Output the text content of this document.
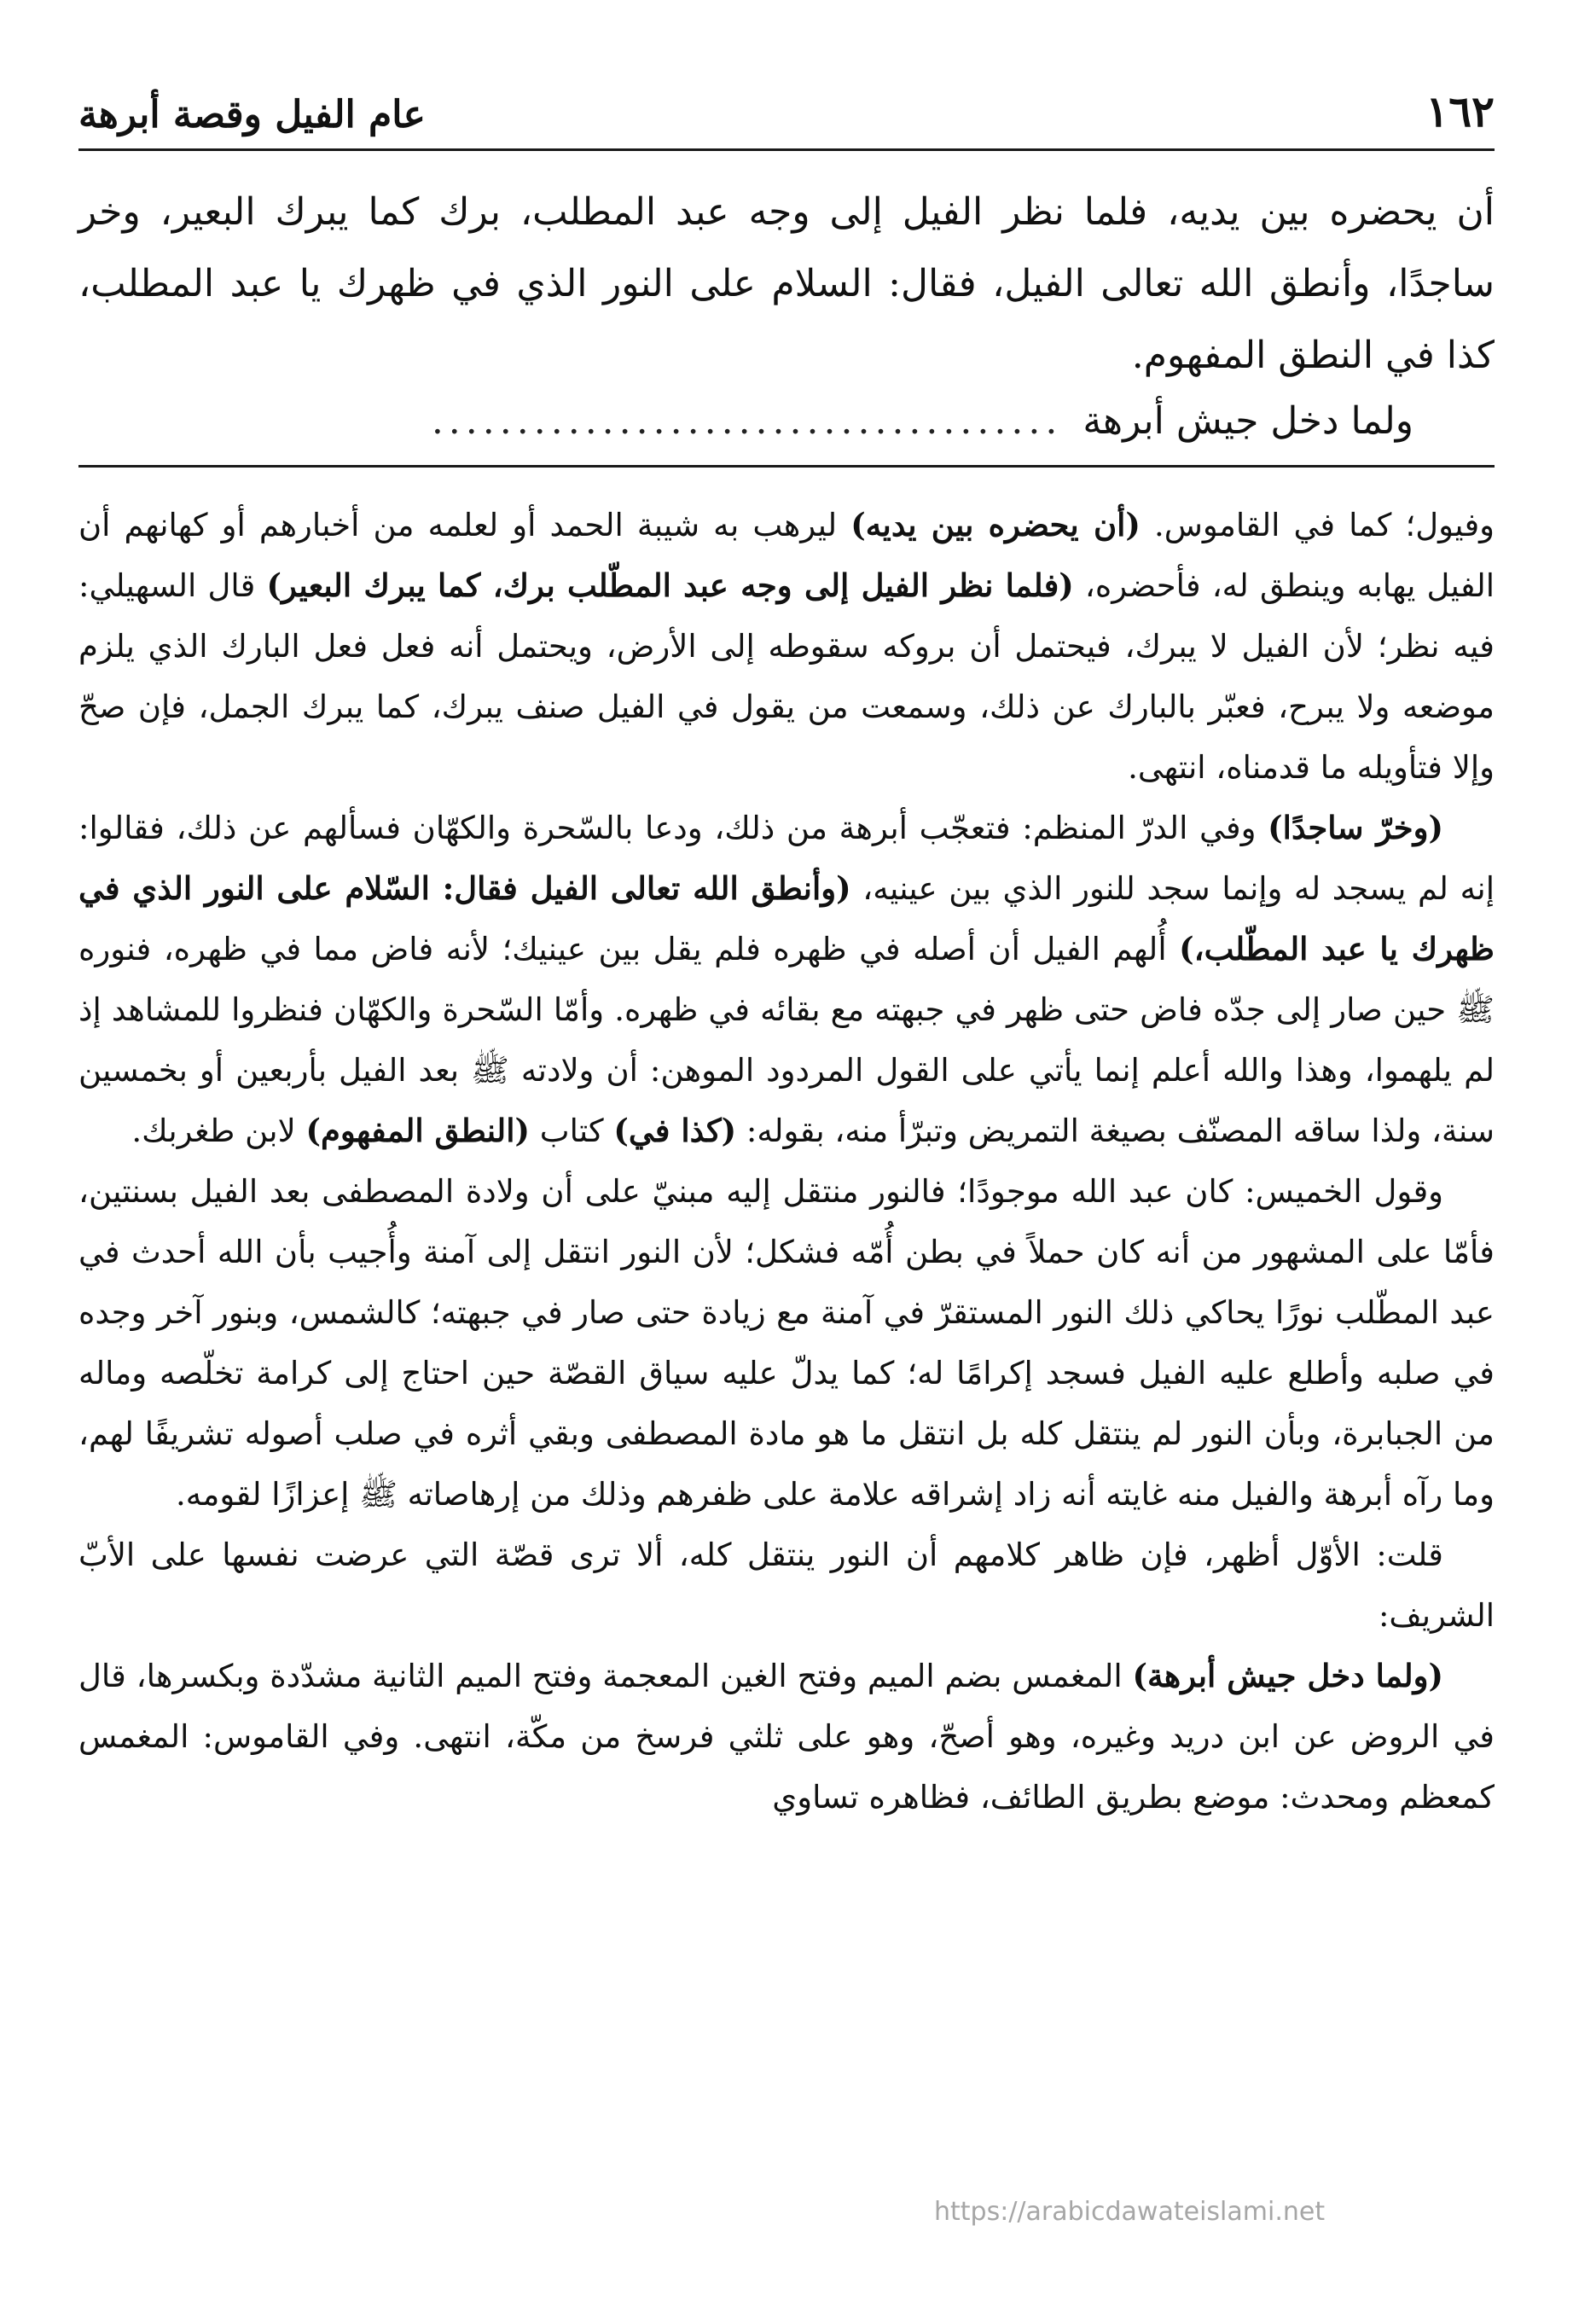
١٦٢
عام الفيل وقصة أبرهة

أن يحضره بين يديه، فلما نظر الفيل إلى وجه عبد المطلب، برك كما يبرك البعير، وخر ساجدًا، وأنطق الله تعالى الفيل، فقال: السلام على النور الذي في ظهرك يا عبد المطلب، كذا في النطق المفهوم.

ولما دخل جيش أبرهة
.....................................

وفيول؛ كما في القاموس. (أن يحضره بين يديه) ليرهب به شيبة الحمد أو لعلمه من أخبارهم أو كهانهم أن الفيل يهابه وينطق له، فأحضره، (فلما نظر الفيل إلى وجه عبد المطّلب برك، كما يبرك البعير) قال السهيلي: فيه نظر؛ لأن الفيل لا يبرك، فيحتمل أن بروكه سقوطه إلى الأرض، ويحتمل أنه فعل فعل البارك الذي يلزم موضعه ولا يبرح، فعبّر بالبارك عن ذلك، وسمعت من يقول في الفيل صنف يبرك، كما يبرك الجمل، فإن صحّ وإلا فتأويله ما قدمناه، انتهى.

(وخرّ ساجدًا) وفي الدرّ المنظم: فتعجّب أبرهة من ذلك، ودعا بالسّحرة والكهّان فسألهم عن ذلك، فقالوا: إنه لم يسجد له وإنما سجد للنور الذي بين عينيه، (وأنطق الله تعالى الفيل فقال: السّلام على النور الذي في ظهرك يا عبد المطّلب،) أُلهم الفيل أن أصله في ظهره فلم يقل بين عينيك؛ لأنه فاض مما في ظهره، فنوره ﷺ حين صار إلى جدّه فاض حتى ظهر في جبهته مع بقائه في ظهره. وأمّا السّحرة والكهّان فنظروا للمشاهد إذ لم يلهموا، وهذا والله أعلم إنما يأتي على القول المردود الموهن: أن ولادته ﷺ بعد الفيل بأربعين أو بخمسين سنة، ولذا ساقه المصنّف بصيغة التمريض وتبرّأ منه، بقوله: (كذا في) كتاب (النطق المفهوم) لابن طغربك.

وقول الخميس: كان عبد الله موجودًا؛ فالنور منتقل إليه مبنيّ على أن ولادة المصطفى بعد الفيل بسنتين، فأمّا على المشهور من أنه كان حملاً في بطن أُمّه فشكل؛ لأن النور انتقل إلى آمنة وأُجيب بأن الله أحدث في عبد المطّلب نورًا يحاكي ذلك النور المستقرّ في آمنة مع زيادة حتى صار في جبهته؛ كالشمس، وبنور آخر وجده في صلبه وأطلع عليه الفيل فسجد إكرامًا له؛ كما يدلّ عليه سياق القصّة حين احتاج إلى كرامة تخلّصه وماله من الجبابرة، وبأن النور لم ينتقل كله بل انتقل ما هو مادة المصطفى وبقي أثره في صلب أصوله تشريفًا لهم، وما رآه أبرهة والفيل منه غايته أنه زاد إشراقه علامة على ظفرهم وذلك من إرهاصاته ﷺ إعزازًا لقومه.

قلت: الأوّل أظهر، فإن ظاهر كلامهم أن النور ينتقل كله، ألا ترى قصّة التي عرضت نفسها على الأبّ الشريف:

(ولما دخل جيش أبرهة) المغمس بضم الميم وفتح الغين المعجمة وفتح الميم الثانية مشدّدة وبكسرها، قال في الروض عن ابن دريد وغيره، وهو أصحّ، وهو على ثلثي فرسخ من مكّة، انتهى. وفي القاموس: المغمس كمعظم ومحدث: موضع بطريق الطائف، فظاهره تساوي

https://arabicdawateislami.net
